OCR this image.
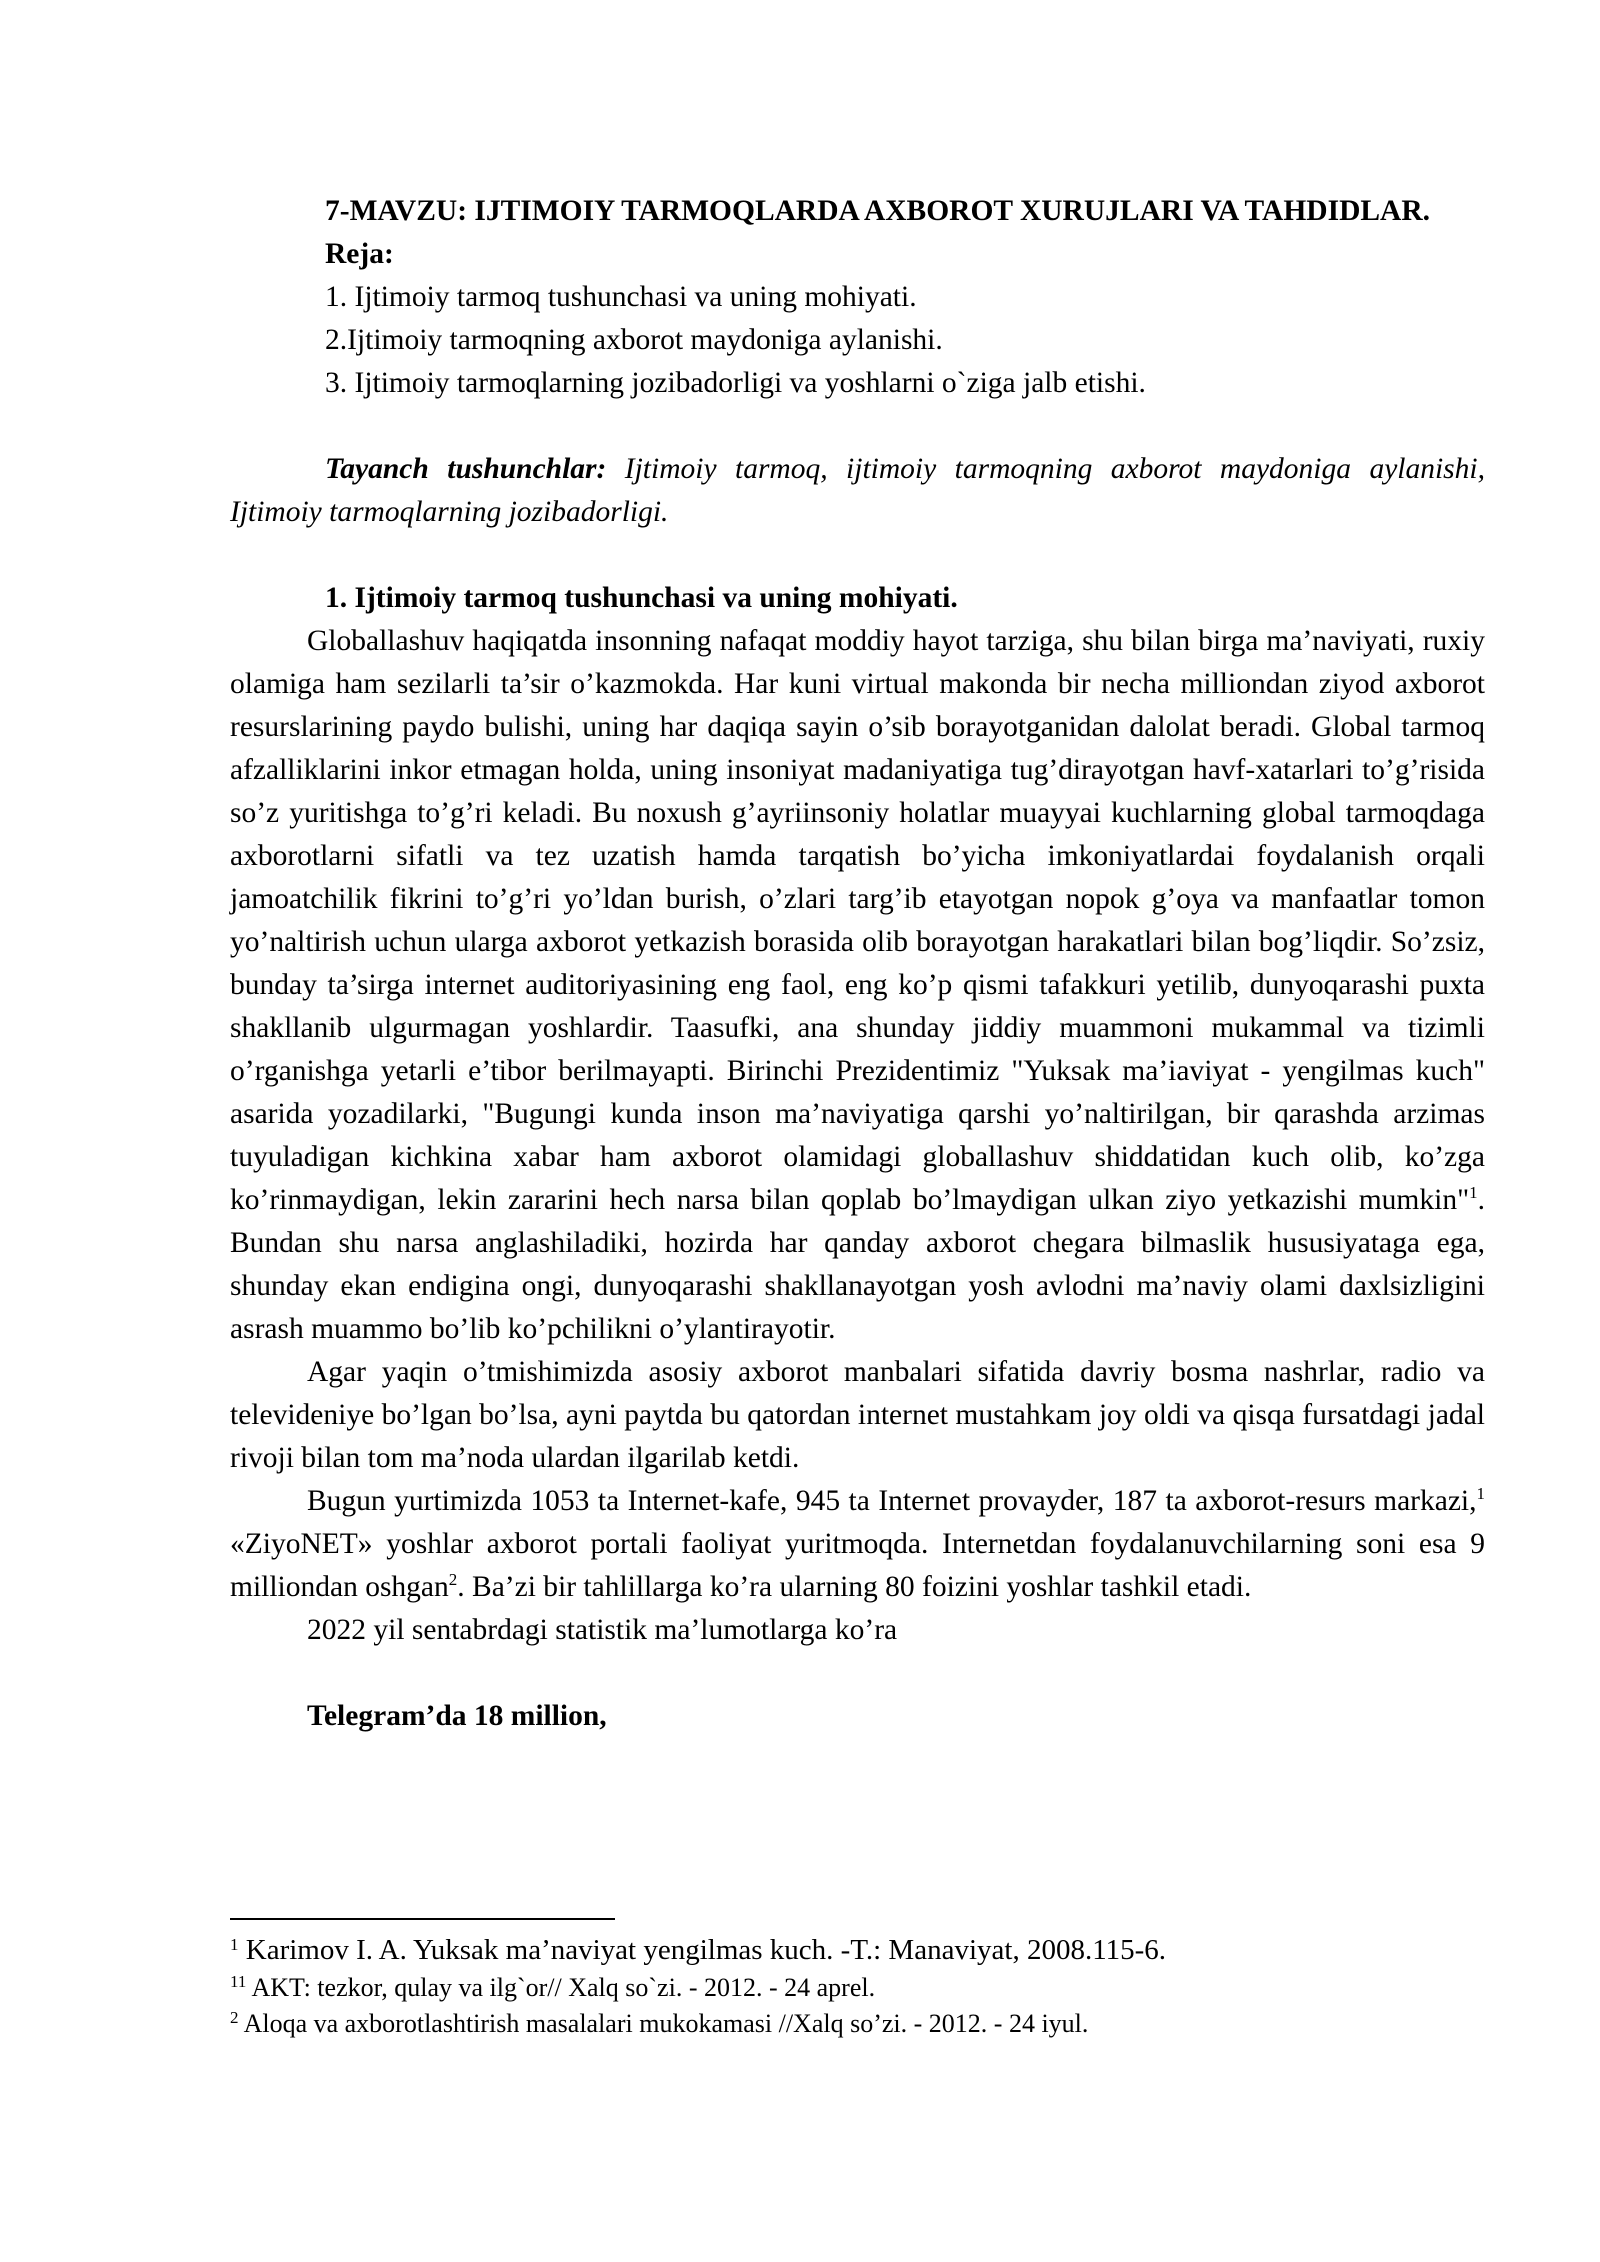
7-MAVZU: IJTIMOIY TARMOQLARDA AXBOROT XURUJLARI VA TAHDIDLAR.

Reja:

1. Ijtimoiy tarmoq tushunchasi va uning mohiyati.

2.Ijtimoiy tarmoqning axborot maydoniga aylanishi.

3. Ijtimoiy tarmoqlarning jozibadorligi va yoshlarni o`ziga jalb etishi.

Tayanch tushunchlar: Ijtimoiy tarmoq, ijtimoiy tarmoqning axborot maydoniga aylanishi, Ijtimoiy tarmoqlarning jozibadorligi.

1. Ijtimoiy tarmoq tushunchasi va uning mohiyati.

Globallashuv haqiqatda insonning nafaqat moddiy hayot tarziga, shu bilan birga ma’naviyati, ruxiy olamiga ham sezilarli ta’sir o’kazmokda. Har kuni virtual makonda bir necha milliondan ziyod axborot resurslarining paydo bulishi, uning har daqiqa sayin o’sib borayotganidan dalolat beradi. Global tarmoq afzalliklarini inkor etmagan holda, uning insoniyat madaniyatiga tug’dirayotgan havf-xatarlari to’g’risida so’z yuritishga to’g’ri keladi. Bu noxush g’ayriinsoniy holatlar muayyai kuchlarning global tarmoqdaga axborotlarni sifatli va tez uzatish hamda tarqatish bo’yicha imkoniyatlardai foydalanish orqali jamoatchilik fikrini to’g’ri yo’ldan burish, o’zlari targ’ib etayotgan nopok g’oya va manfaatlar tomon yo’naltirish uchun ularga axborot yetkazish borasida olib borayotgan harakatlari bilan bog’liqdir. So’zsiz, bunday ta’sirga internet auditoriyasining eng faol, eng ko’p qismi tafakkuri yetilib, dunyoqarashi puxta shakllanib ulgurmagan yoshlardir. Taasufki, ana shunday jiddiy muammoni mukammal va tizimli o’rganishga yetarli e’tibor berilmayapti. Birinchi Prezidentimiz "Yuksak ma’iaviyat - yengilmas kuch" asarida yozadilarki, "Bugungi kunda inson ma’naviyatiga qarshi yo’naltirilgan, bir qarashda arzimas tuyuladigan kichkina xabar ham axborot olamidagi globallashuv shiddatidan kuch olib, ko’zga ko’rinmaydigan, lekin zararini hech narsa bilan qoplab bo’lmaydigan ulkan ziyo yetkazishi mumkin"$^1$. Bundan shu narsa anglashiladiki, hozirda har qanday axborot chegara bilmaslik hususiyataga ega, shunday ekan endigina ongi, dunyoqarashi shakllanayotgan yosh avlodni ma’naviy olami daxlsizligini asrash muammo bo’lib ko’pchilikni o’ylantirayotir.

Agar yaqin o’tmishimizda asosiy axborot manbalari sifatida davriy bosma nashrlar, radio va televideniye bo’lgan bo’lsa, ayni paytda bu qatordan internet mustahkam joy oldi va qisqa fursatdagi jadal rivoji bilan tom ma’noda ulardan ilgarilab ketdi.

Bugun yurtimizda 1053 ta Internet-kafe, 945 ta Internet provayder, 187 ta axborot-resurs markazi,$^1$ «ZiyoNET» yoshlar axborot portali faoliyat yuritmoqda. Internetdan foydalanuvchilarning soni esa 9 milliondan oshgan$^2$. Ba’zi bir tahlillarga ko’ra ularning 80 foizini yoshlar tashkil etadi.

2022 yil sentabrdagi statistik ma’lumotlarga ko’ra

Telegram’da 18 million,

$^1$ Karimov I. A. Yuksak ma’naviyat yengilmas kuch. -T.: Manaviyat, 2008.115-6.

$^{11}$ AKT: tezkor, qulay va ilg`or// Xalq so`zi. - 2012. - 24 aprel.

$^2$ Aloqa va axborotlashtirish masalalari mukokamasi //Xalq so’zi. - 2012. - 24 iyul.
